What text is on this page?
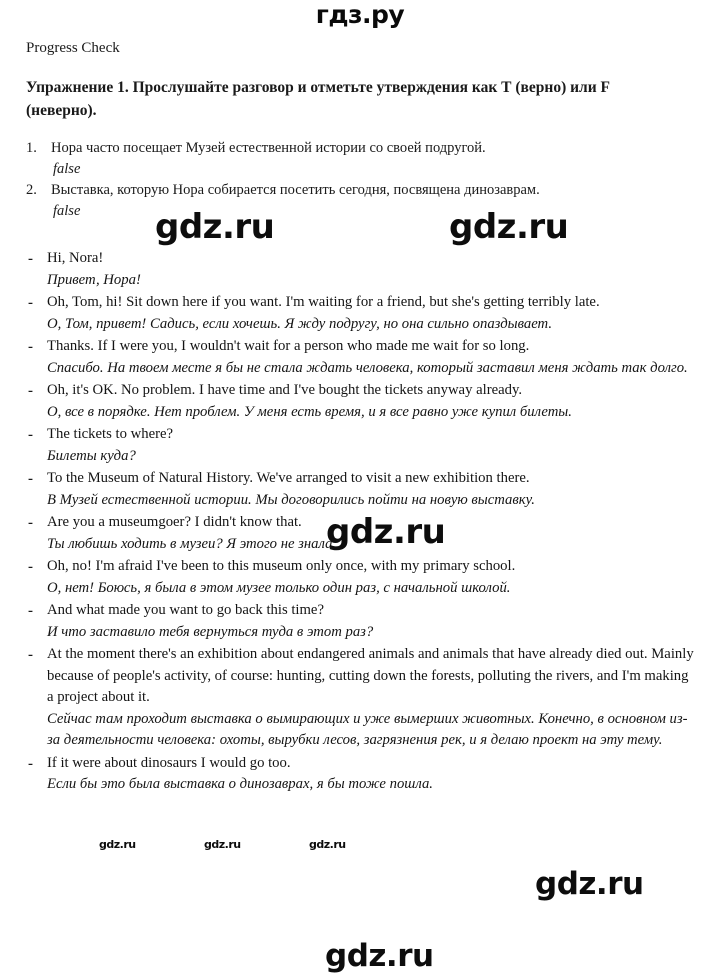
гдз.ру
Progress Check
Упражнение 1. Прослушайте разговор и отметьте утверждения как Т (верно) или F (неверно).
1. Нора часто посещает Музей естественной истории со своей подругой.
false
2. Выставка, которую Нора собирается посетить сегодня, посвящена динозаврам.
false
- Hi, Nora!
Привет, Нора!
- Oh, Tom, hi! Sit down here if you want. I'm waiting for a friend, but she's getting terribly late.
О, Том, привет! Садись, если хочешь. Я жду подругу, но она сильно опаздывает.
- Thanks. If I were you, I wouldn't wait for a person who made me wait for so long.
Спасибо. На твоем месте я бы не стала ждать человека, который заставил меня ждать так долго.
- Oh, it's OK. No problem. I have time and I've bought the tickets anyway already.
О, все в порядке. Нет проблем. У меня есть время, и я все равно уже купил билеты.
- The tickets to where?
Билеты куда?
- To the Museum of Natural History. We've arranged to visit a new exhibition there.
В Музей естественной истории. Мы договорились пойти на новую выставку.
- Are you a museumgoer? I didn't know that.
Ты любишь ходить в музеи? Я этого не знала.
- Oh, no! I'm afraid I've been to this museum only once, with my primary school.
О, нет! Боюсь, я была в этом музее только один раз, с начальной школой.
- And what made you want to go back this time?
И что заставило тебя вернуться туда в этот раз?
- At the moment there's an exhibition about endangered animals and animals that have already died out. Mainly because of people's activity, of course: hunting, cutting down the forests, polluting the rivers, and I'm making a project about it.
Сейчас там проходит выставка о вымирающих и уже вымерших животных. Конечно, в основном из-за деятельности человека: охоты, вырубки лесов, загрязнения рек, и я делаю проект на эту тему.
- If it were about dinosaurs I would go too.
Если бы это была выставка о динозаврах, я бы тоже пошла.
gdz.ru	gdz.ru
gdz.ru
gdz.ru	gdz.ru	gdz.ru
gdz.ru
gdz.ru
